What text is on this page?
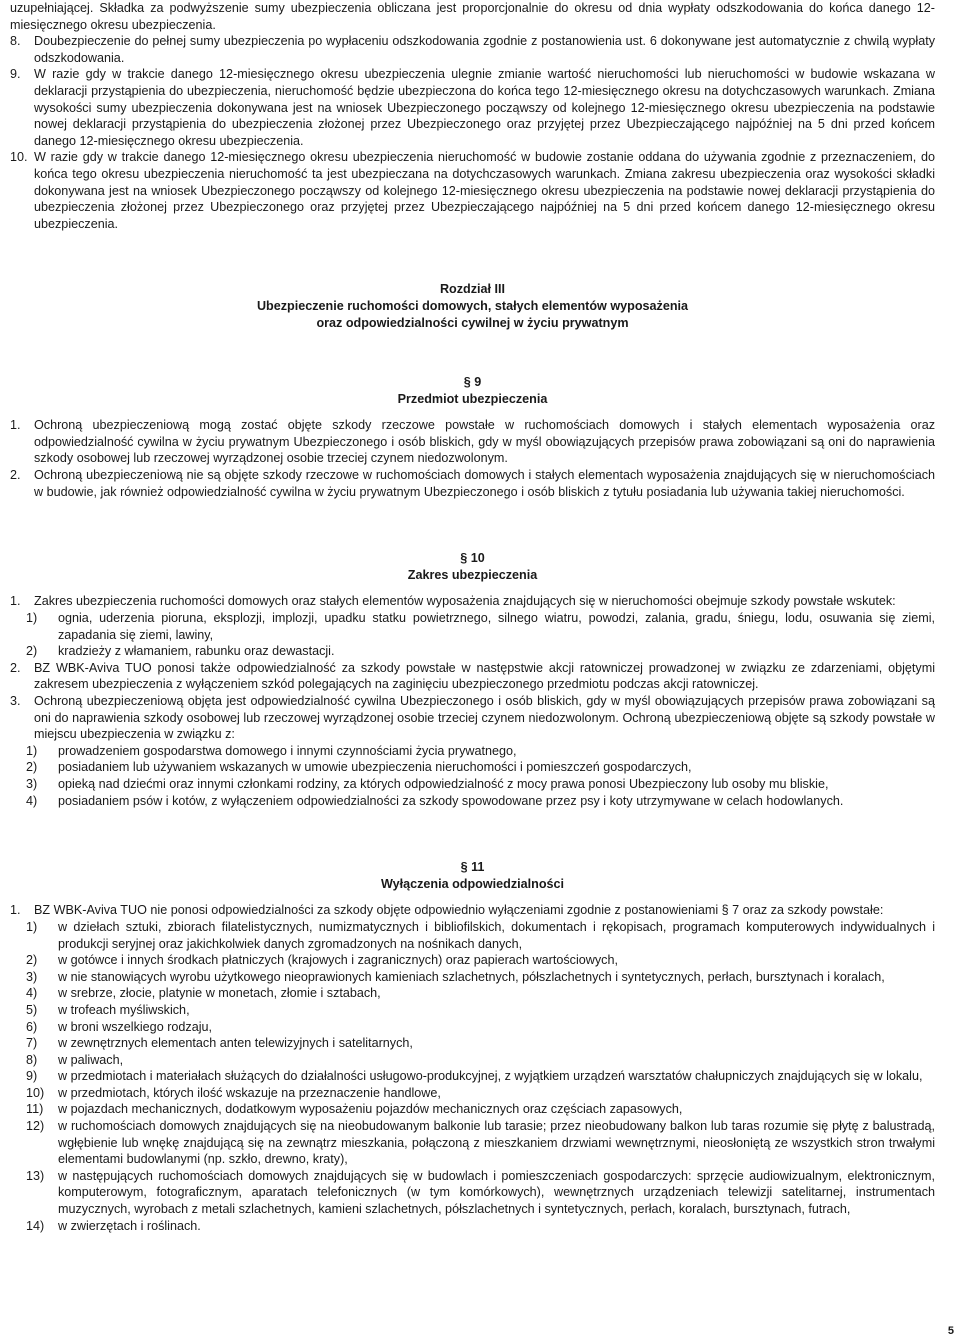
uzupełniającej. Składka za podwyższenie sumy ubezpieczenia obliczana jest proporcjonalnie do okresu od dnia wypłaty odszkodowania do końca danego 12-miesięcznego okresu ubezpieczenia.
8. Doubezpieczenie do pełnej sumy ubezpieczenia po wypłaceniu odszkodowania zgodnie z postanowienia ust. 6 dokonywane jest automatycznie z chwilą wypłaty odszkodowania.
9. W razie gdy w trakcie danego 12-miesięcznego okresu ubezpieczenia ulegnie zmianie wartość nieruchomości lub nieruchomości w budowie wskazana w deklaracji przystąpienia do ubezpieczenia, nieruchomość będzie ubezpieczona do końca tego 12-miesięcznego okresu na dotychczasowych warunkach. Zmiana wysokości sumy ubezpieczenia dokonywana jest na wniosek Ubezpieczonego począwszy od kolejnego 12-miesięcznego okresu ubezpieczenia na podstawie nowej deklaracji przystąpienia do ubezpieczenia złożonej przez Ubezpieczonego oraz przyjętej przez Ubezpieczającego najpóźniej na 5 dni przed końcem danego 12-miesięcznego okresu ubezpieczenia.
10. W razie gdy w trakcie danego 12-miesięcznego okresu ubezpieczenia nieruchomość w budowie zostanie oddana do używania zgodnie z przeznaczeniem, do końca tego okresu ubezpieczenia nieruchomość ta jest ubezpieczana na dotychczasowych warunkach. Zmiana zakresu ubezpieczenia oraz wysokości składki dokonywana jest na wniosek Ubezpieczonego począwszy od kolejnego 12-miesięcznego okresu ubezpieczenia na podstawie nowej deklaracji przystąpienia do ubezpieczenia złożonej przez Ubezpieczonego oraz przyjętej przez Ubezpieczającego najpóźniej na 5 dni przed końcem danego 12-miesięcznego okresu ubezpieczenia.
Rozdział III
Ubezpieczenie ruchomości domowych, stałych elementów wyposażenia
oraz odpowiedzialności cywilnej w życiu prywatnym
§ 9
Przedmiot ubezpieczenia
1. Ochroną ubezpieczeniową mogą zostać objęte szkody rzeczowe powstałe w ruchomościach domowych i stałych elementach wyposażenia oraz odpowiedzialność cywilna w życiu prywatnym Ubezpieczonego i osób bliskich, gdy w myśl obowiązujących przepisów prawa zobowiązani są oni do naprawienia szkody osobowej lub rzeczowej wyrządzonej osobie trzeciej czynem niedozwolonym.
2. Ochroną ubezpieczeniową nie są objęte szkody rzeczowe w ruchomościach domowych i stałych elementach wyposażenia znajdujących się w nieruchomościach w budowie, jak również odpowiedzialność cywilna w życiu prywatnym Ubezpieczonego i osób bliskich z tytułu posiadania lub używania takiej nieruchomości.
§ 10
Zakres ubezpieczenia
1. Zakres ubezpieczenia ruchomości domowych oraz stałych elementów wyposażenia znajdujących się w nieruchomości obejmuje szkody powstałe wskutek:
1) ognia, uderzenia pioruna, eksplozji, implozji, upadku statku powietrznego, silnego wiatru, powodzi, zalania, gradu, śniegu, lodu, osuwania się ziemi, zapadania się ziemi, lawiny,
2) kradzieży z włamaniem, rabunku oraz dewastacji.
2. BZ WBK-Aviva TUO ponosi także odpowiedzialność za szkody powstałe w następstwie akcji ratowniczej prowadzonej w związku ze zdarzeniami, objętymi zakresem ubezpieczenia z wyłączeniem szkód polegających na zaginięciu ubezpieczonego przedmiotu podczas akcji ratowniczej.
3. Ochroną ubezpieczeniową objęta jest odpowiedzialność cywilna Ubezpieczonego i osób bliskich, gdy w myśl obowiązujących przepisów prawa zobowiązani są oni do naprawienia szkody osobowej lub rzeczowej wyrządzonej osobie trzeciej czynem niedozwolonym. Ochroną ubezpieczeniową objęte są szkody powstałe w miejscu ubezpieczenia w związku z:
1) prowadzeniem gospodarstwa domowego i innymi czynnościami życia prywatnego,
2) posiadaniem lub używaniem wskazanych w umowie ubezpieczenia nieruchomości i pomieszczeń gospodarczych,
3) opieką nad dziećmi oraz innymi członkami rodziny, za których odpowiedzialność z mocy prawa ponosi Ubezpieczony lub osoby mu bliskie,
4) posiadaniem psów i kotów, z wyłączeniem odpowiedzialności za szkody spowodowane przez psy i koty utrzymywane w celach hodowlanych.
§ 11
Wyłączenia odpowiedzialności
1. BZ WBK-Aviva TUO nie ponosi odpowiedzialności za szkody objęte odpowiednio wyłączeniami zgodnie z postanowieniami § 7 oraz za szkody powstałe:
1) w dziełach sztuki, zbiorach filatelistycznych, numizmatycznych i bibliofilskich, dokumentach i rękopisach, programach komputerowych indywidualnych i produkcji seryjnej oraz jakichkolwiek danych zgromadzonych na nośnikach danych,
2) w gotówce i innych środkach płatniczych (krajowych i zagranicznych) oraz papierach wartościowych,
3) w nie stanowiących wyrobu użytkowego nieoprawionych kamieniach szlachetnych, półszlachetnych i syntetycznych, perłach, bursztynach i koralach,
4) w srebrze, złocie, platynie w monetach, złomie i sztabach,
5) w trofeach myśliwskich,
6) w broni wszelkiego rodzaju,
7) w zewnętrznych elementach anten telewizyjnych i satelitarnych,
8) w paliwach,
9) w przedmiotach i materiałach służących do działalności usługowo-produkcyjnej, z wyjątkiem urządzeń warsztatów chałupniczych znajdujących się w lokalu,
10) w przedmiotach, których ilość wskazuje na przeznaczenie handlowe,
11) w pojazdach mechanicznych, dodatkowym wyposażeniu pojazdów mechanicznych oraz częściach zapasowych,
12) w ruchomościach domowych znajdujących się na nieobudowanym balkonie lub tarasie; przez nieobudowany balkon lub taras rozumie się płytę z balustradą, wgłębienie lub wnękę znajdującą się na zewnątrz mieszkania, połączoną z mieszkaniem drzwiami wewnętrznymi, nieosłoniętą ze wszystkich stron trwałymi elementami budowlanymi (np. szkło, drewno, kraty),
13) w następujących ruchomościach domowych znajdujących się w budowlach i pomieszczeniach gospodarczych: sprzęcie audiowizualnym, elektronicznym, komputerowym, fotograficznym, aparatach telefonicznych (w tym komórkowych), wewnętrznych urządzeniach telewizji satelitarnej, instrumentach muzycznych, wyrobach z metali szlachetnych, kamieni szlachetnych, półszlachetnych i syntetycznych, perłach, koralach, bursztynach, futrach,
14) w zwierzętach i roślinach.
5
